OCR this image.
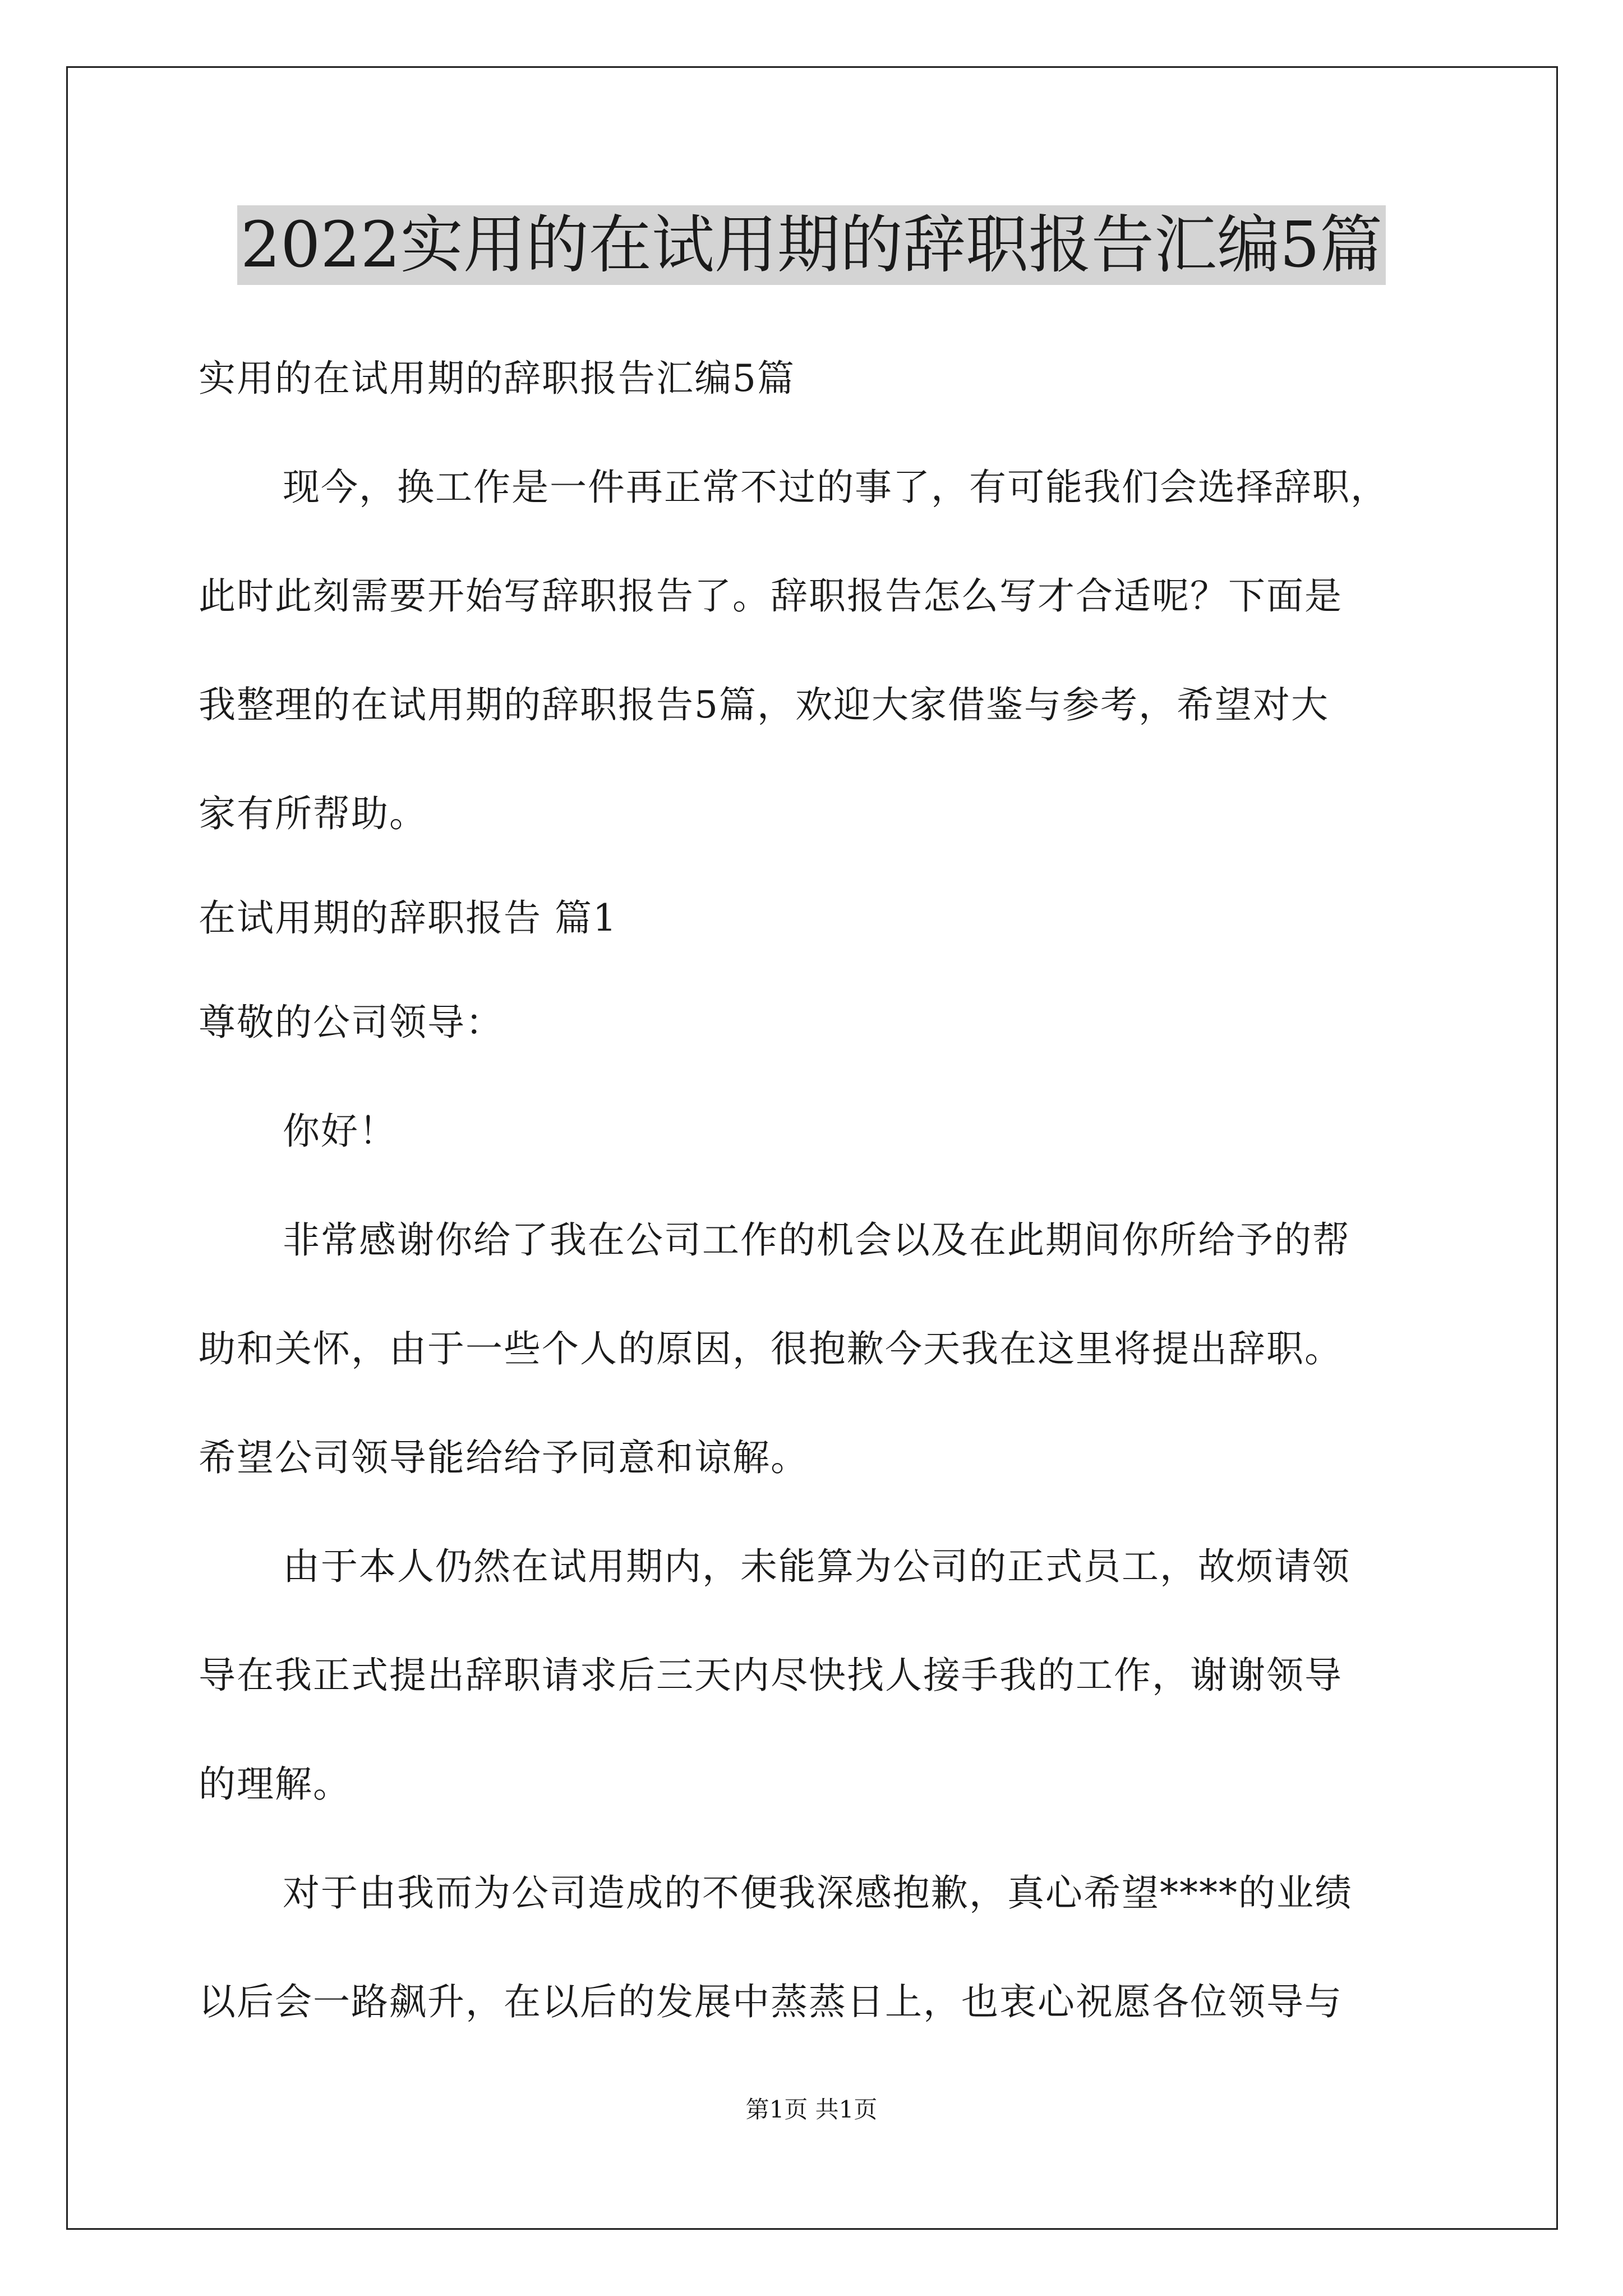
2022实用的在试用期的辞职报告汇编5篇
实用的在试用期的辞职报告汇编5篇
现今，换工作是一件再正常不过的事了，有可能我们会选择辞职，
此时此刻需要开始写辞职报告了。辞职报告怎么写才合适呢？下面是
我整理的在试用期的辞职报告5篇，欢迎大家借鉴与参考，希望对大
家有所帮助。
在试用期的辞职报告 篇1
尊敬的公司领导：
你好！
非常感谢你给了我在公司工作的机会以及在此期间你所给予的帮
助和关怀，由于一些个人的原因，很抱歉今天我在这里将提出辞职。
希望公司领导能给给予同意和谅解。
由于本人仍然在试用期内，未能算为公司的正式员工，故烦请领
导在我正式提出辞职请求后三天内尽快找人接手我的工作，谢谢领导
的理解。
对于由我而为公司造成的不便我深感抱歉，真心希望****的业绩
以后会一路飙升，在以后的发展中蒸蒸日上，也衷心祝愿各位领导与
第1页 共1页
